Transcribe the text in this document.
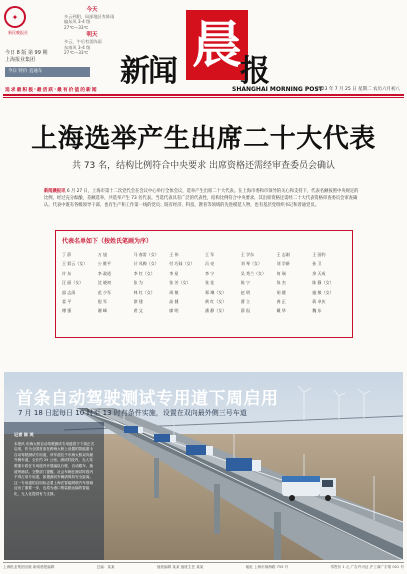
✦
新民晚报社
今日 8 版 第 99 期
上海报业集团
今天
多云到阴，局部地区有阵雨
偏东风 3-4 级
27℃—33℃
明天
多云，午后有雷阵雨
东南风 3-4 级
27℃—33℃
今日 特价 直通车	新闻 晨
报
SHANGHAI MORNING POST
追求最积极·最活跃·最有价值的新闻	2023 年 7 月 25 日 星期二 农历六月初八
上海选举产生出席二十大代表
共 73 名，结构比例符合中央要求 出席资格还需经审查委员会确认
新闻晨报讯 6 月 27 日，上海市第十二次党代会在会议中心举行全体会议，选举产生出席二十大代表。在上海市委和市领导的关心和支持下，代表名额按照中央规定的比例，经过充分酝酿、差额选举，共选举产生 73 名代表。当选代表具有广泛的代表性，结构比例符合中央要求，其出席资格还需经二十大代表资格审查委员会审查确认。代表中既有各级领导干部，也有生产和工作第一线的党员；既有经济、科技、教育等领域的先进模范人物，也有基层党组织书记和普通党员。
代表名单如下（按姓氏笔画为序）
丁 薛	万 旭	马 春雷（女）	王 伟	王 军	王 学东	王 志刚	王 国钧
王 彩云（女）	公 维平	计 凤梅（女）	付 巧妹（女）	冯 亮	刘 琴（女）	刘 学新	孙 卫
许 东	李 政道	李 红（女）	李 星	李 宁	吴 秀兰（女）	何 瑞	余 天成
汪 丽（女）	沈 晓初	张 为	张 芳（女）	张 佳	陈 宁	陈 杰	陈 静（女）
邵 志清	范 少军	林 红（女）	周 敏	郑 琳（女）	赵 明	胡 健	施 敏（女）
姜 平	倪 军	徐 建	高 健	黄 红（女）	曹 立	龚 正	蒋 卓庆
傅 强	谢 峰	裘 文	廖 明	潘 静（女）	薛 侃	戴 华	魏 东
首条自动驾驶测试专用道下周启用
7 月 18 日起每日 10 时至 13 时有条件实施，设置在双向最外侧三号车道
记者 陈 英
本报讯 东海大桥自动驾驶测试专用道将于下周正式启用，作为全国首条在跨海大桥上设置的智能重卡自动驾驶测试专用道，该车道位于东海大桥双向最外侧车道，全长约 25 公里。测试时段内，无人驾驶重卡将在专用道内开展编队行驶、自动跟车、换道等测试。交警部门提醒，社会车辆在测试时段内不得占用专用道，如遇测试车辆请保持安全距离。这一专用道的启用标志着上海在智能网联汽车领域迈出了重要一步，也将为港口集装箱运输的智能化、无人化提供有力支撑。
上海报业集团出版 新闻晨报编辑	总编：某某	值班编辑 某某 值班主任 某某	地址 上海市威海路 755 号	零售价 1 元 广告许可证 沪工商广字第 001 号
